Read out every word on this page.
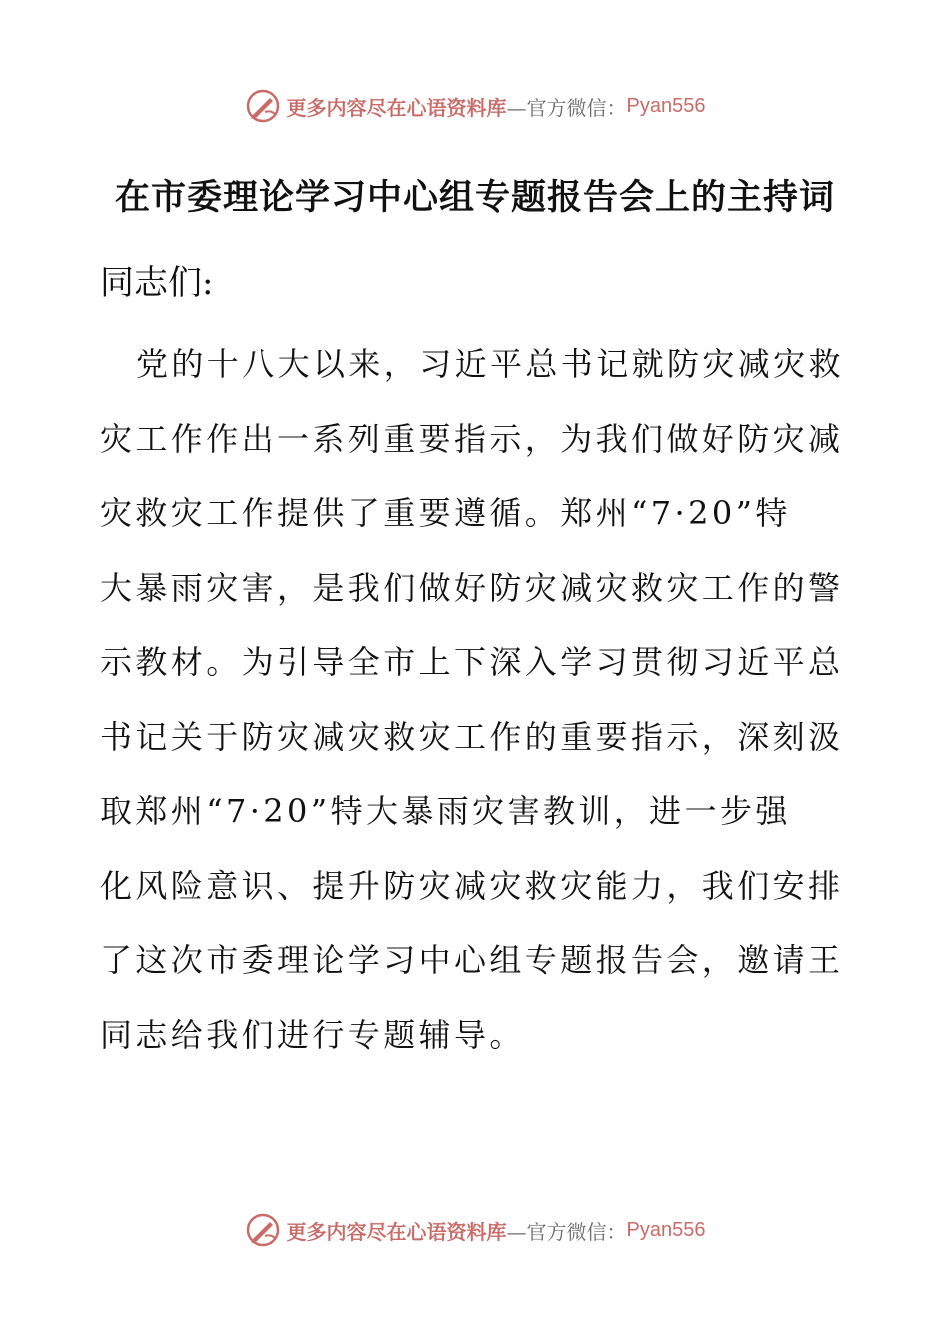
更多内容尽在心语资料库 —官方微信： Pyan556
在市委理论学习中心组专题报告会上的主持词
同志们:
党的十八大以来，习近平总书记就防灾减灾救
灾工作作出一系列重要指示，为我们做好防灾减
灾救灾工作提供了重要遵循。郑州“7·20”特
大暴雨灾害，是我们做好防灾减灾救灾工作的警
示教材。为引导全市上下深入学习贯彻习近平总
书记关于防灾减灾救灾工作的重要指示，深刻汲
取郑州“7·20”特大暴雨灾害教训，进一步强
化风险意识、提升防灾减灾救灾能力，我们安排
了这次市委理论学习中心组专题报告会，邀请王
同志给我们进行专题辅导。
更多内容尽在心语资料库 —官方微信： Pyan556
